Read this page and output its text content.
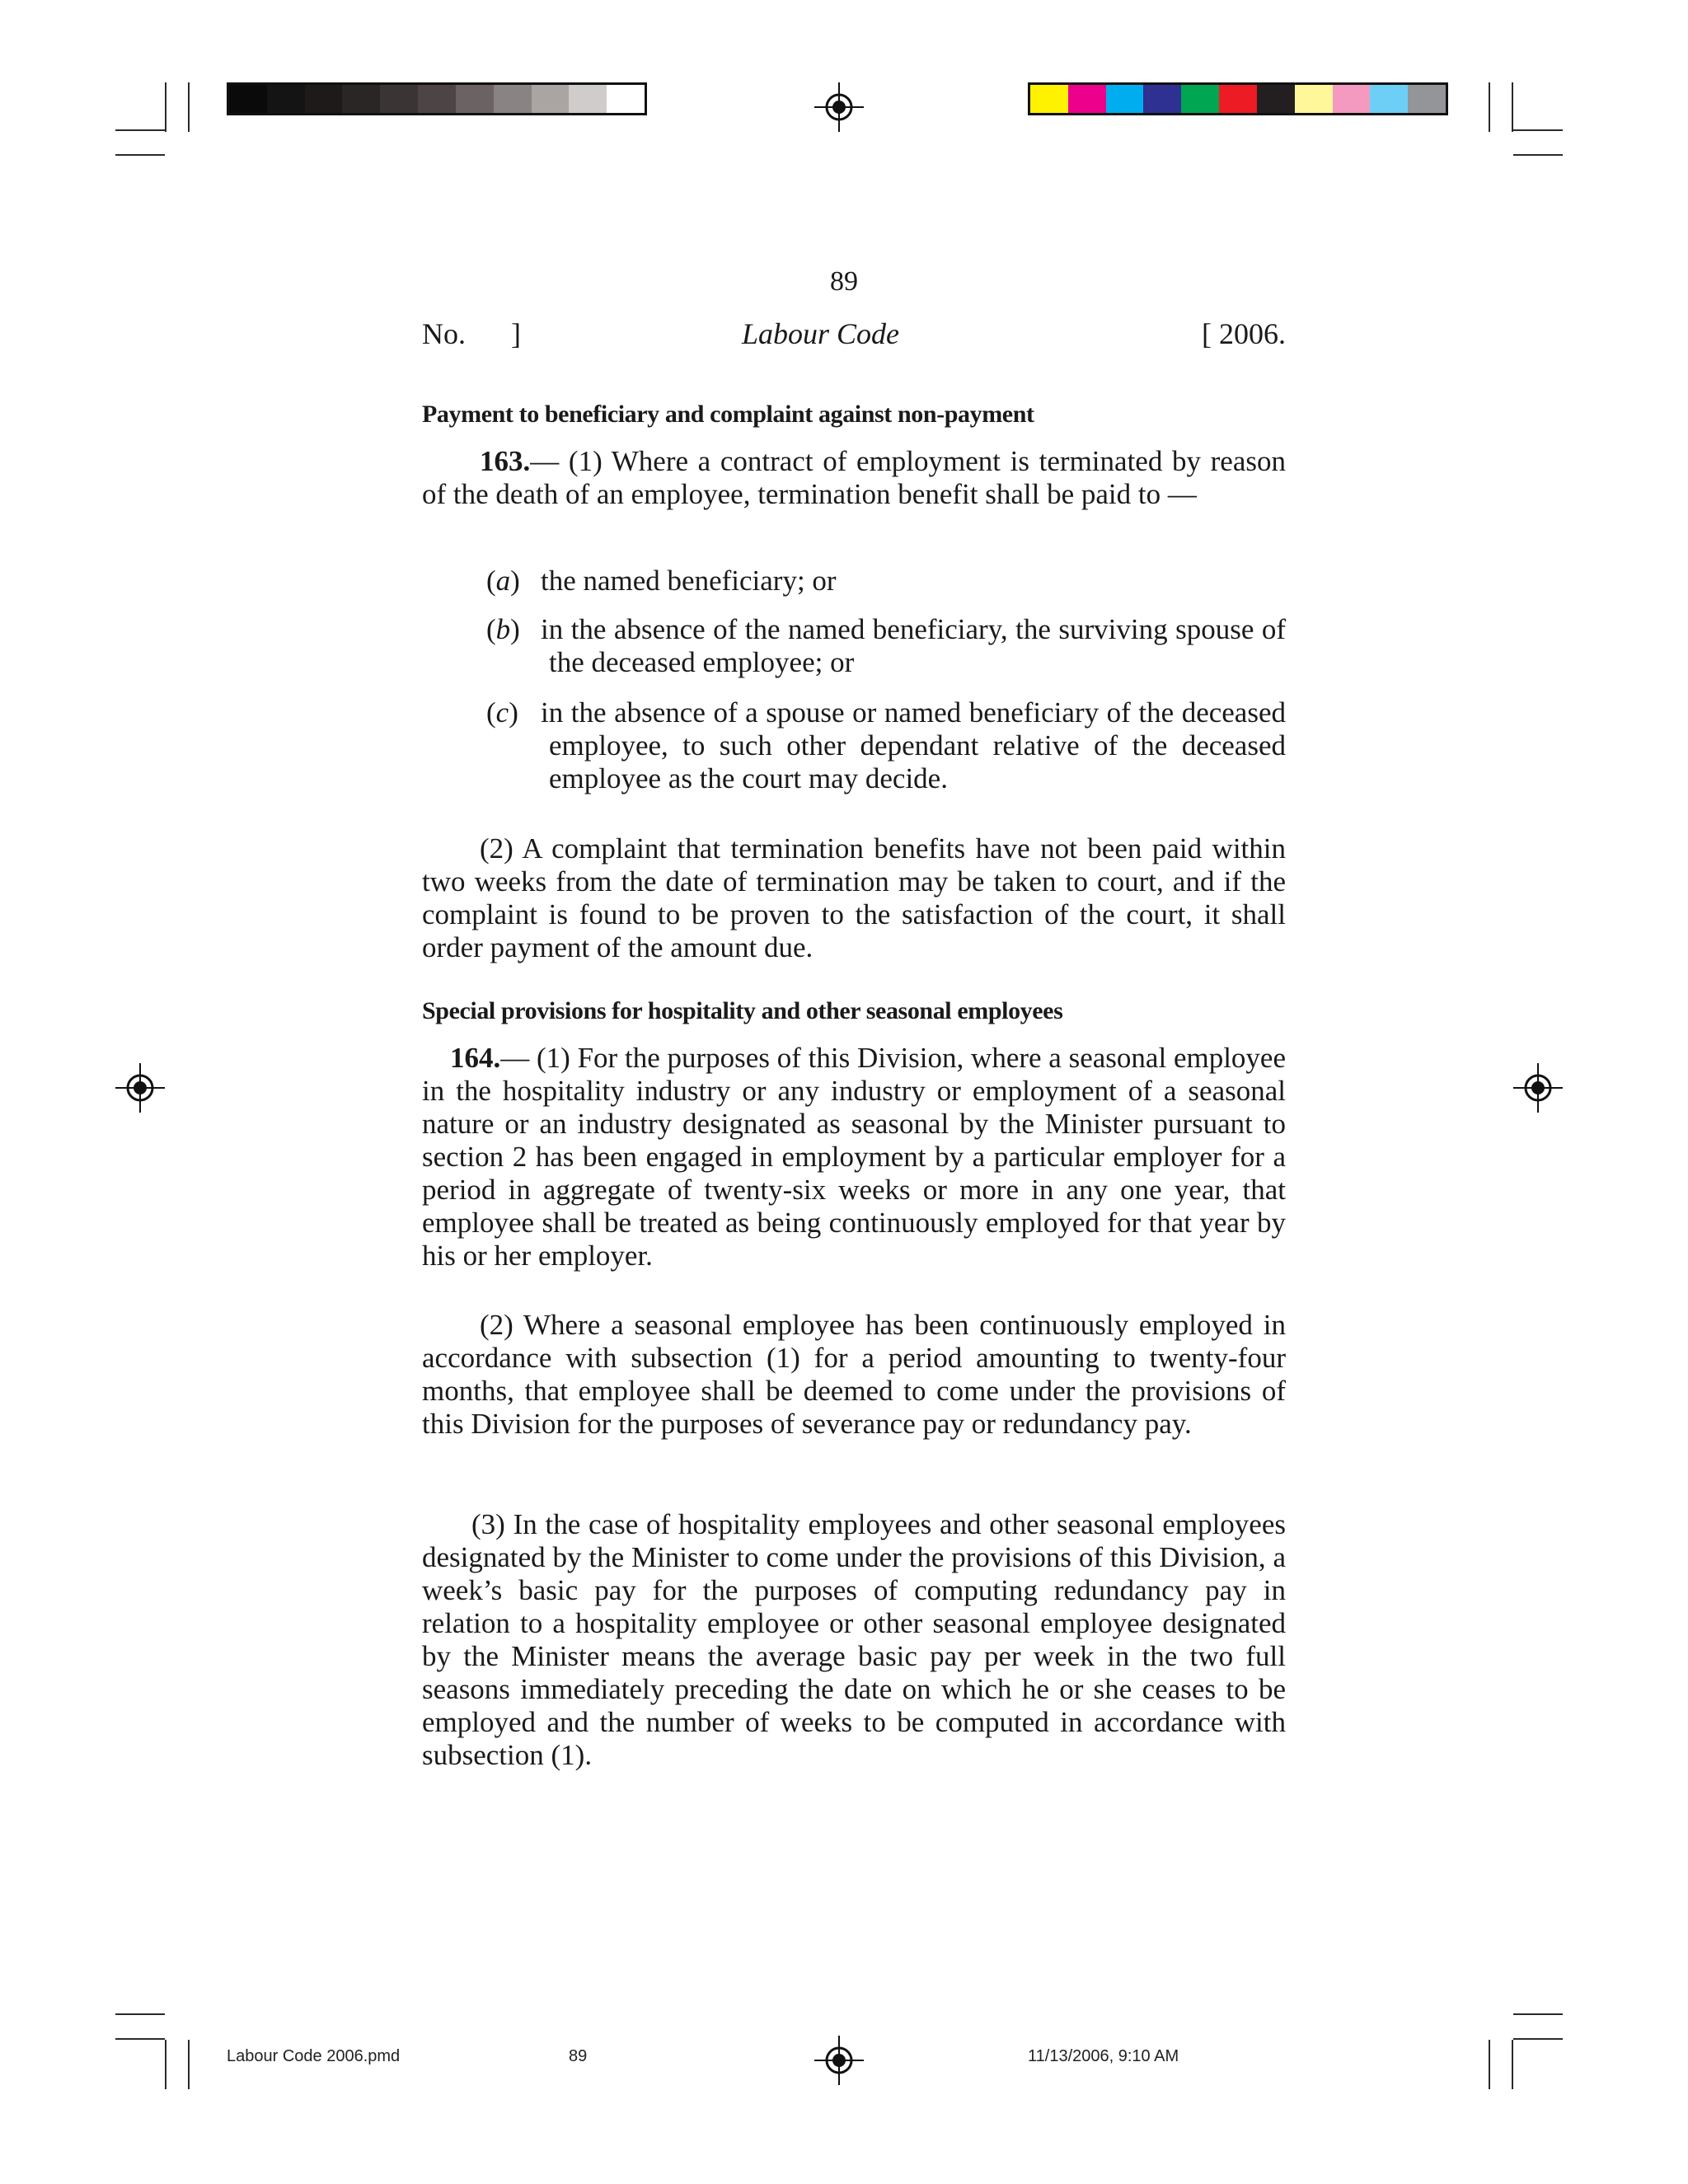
89
No. ]	Labour Code	[ 2006.
Payment to beneficiary and complaint against non-payment
163.— (1) Where a contract of employment is terminated by reason of the death of an employee, termination benefit shall be paid to —
(a) the named beneficiary; or
(b) in the absence of the named beneficiary, the surviving spouse of the deceased employee; or
(c) in the absence of a spouse or named beneficiary of the deceased employee, to such other dependant relative of the deceased employee as the court may decide.
(2) A complaint that termination benefits have not been paid within two weeks from the date of termination may be taken to court, and if the complaint is found to be proven to the satisfaction of the court, it shall order payment of the amount due.
Special provisions for hospitality and other seasonal employees
164.— (1) For the purposes of this Division, where a seasonal employee in the hospitality industry or any industry or employment of a seasonal nature or an industry designated as seasonal by the Minister pursuant to section 2 has been engaged in employment by a particular employer for a period in aggregate of twenty-six weeks or more in any one year, that employee shall be treated as being continuously employed for that year by his or her employer.
(2) Where a seasonal employee has been continuously employed in accordance with subsection (1) for a period amounting to twenty-four months, that employee shall be deemed to come under the provisions of this Division for the purposes of severance pay or redundancy pay.
(3) In the case of hospitality employees and other seasonal employees designated by the Minister to come under the provisions of this Division, a week’s basic pay for the purposes of computing redundancy pay in relation to a hospitality employee or other seasonal employee designated by the Minister means the average basic pay per week in the two full seasons immediately preceding the date on which he or she ceases to be employed and the number of weeks to be computed in accordance with subsection (1).
Labour Code 2006.pmd	89	11/13/2006, 9:10 AM
